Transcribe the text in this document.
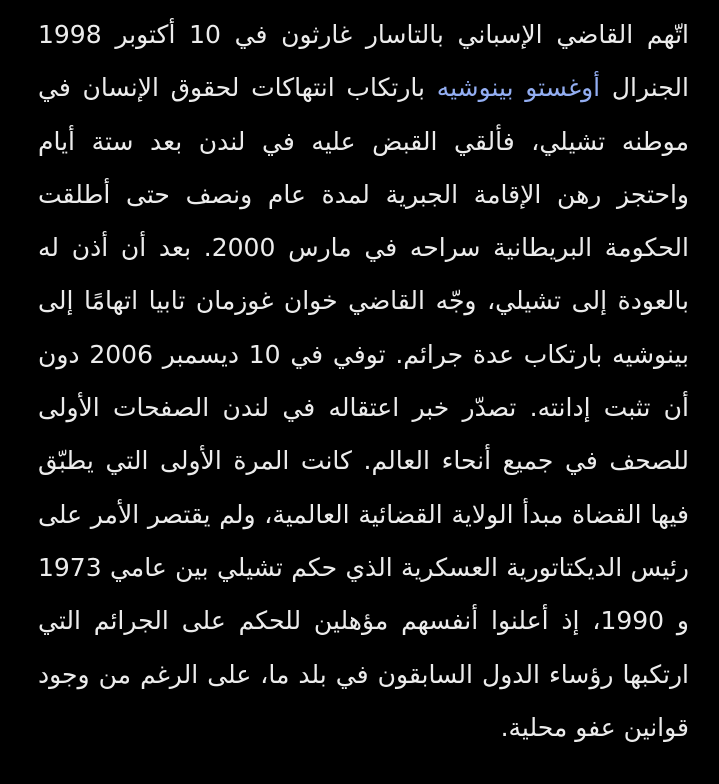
اتّهم القاضي الإسباني بالتاسار غارثون في 10 أكتوبر 1998 الجنرال أوغستو بينوشيه بارتكاب انتهاكات لحقوق الإنسان في موطنه تشيلي، فألقي القبض عليه في لندن بعد ستة أيام واحتجز رهن الإقامة الجبرية لمدة عام ونصف حتى أطلقت الحكومة البريطانية سراحه في مارس 2000. بعد أن أذن له بالعودة إلى تشيلي، وجّه القاضي خوان غوزمان تابيا اتهامًا إلى بينوشيه بارتكاب عدة جرائم. توفي في 10 ديسمبر 2006 دون أن تثبت إدانته. تصدّر خبر اعتقاله في لندن الصفحات الأولى للصحف في جميع أنحاء العالم. كانت المرة الأولى التي يطبّق فيها القضاة مبدأ الولاية القضائية العالمية، ولم يقتصر الأمر على رئيس الديكتاتورية العسكرية الذي حكم تشيلي بين عامي 1973 و 1990، إذ أعلنوا أنفسهم مؤهلين للحكم على الجرائم التي ارتكبها رؤساء الدول السابقون في بلد ما، على الرغم من وجود قوانين عفو محلية.
